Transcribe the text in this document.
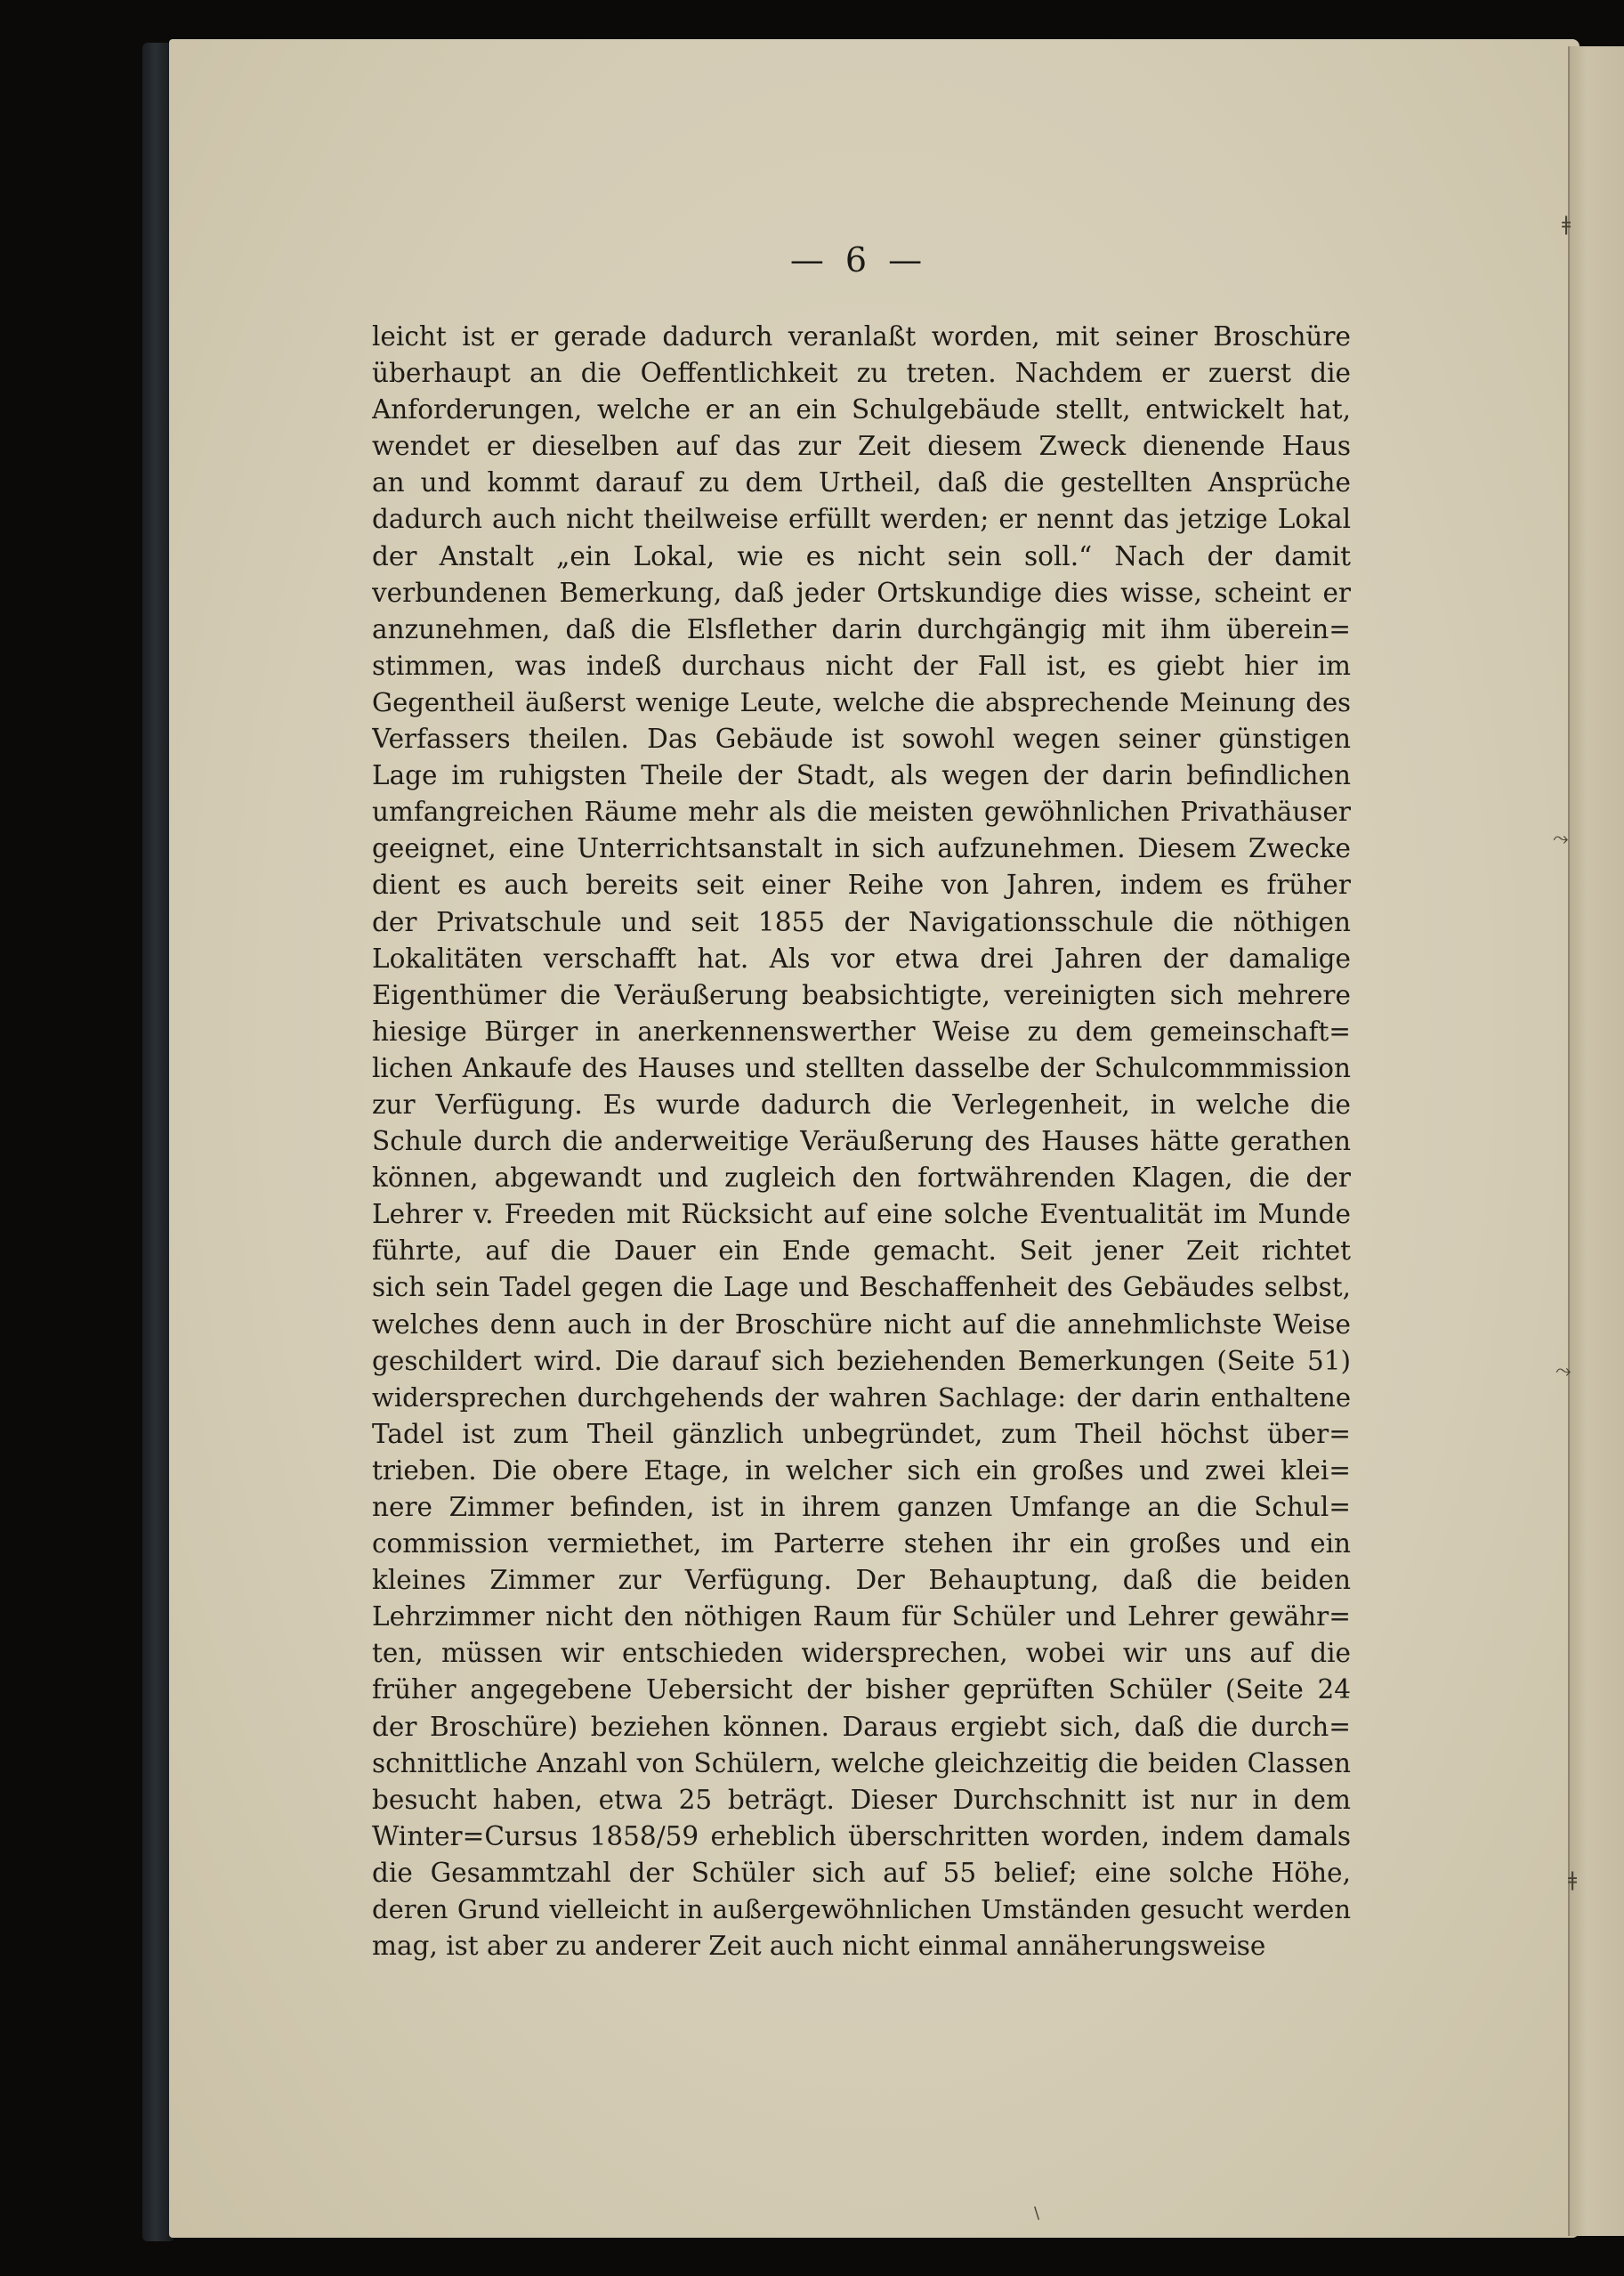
— 6 —
leicht ist er gerade dadurch veranlaßt worden, mit seiner Broschüre
überhaupt an die Oeffentlichkeit zu treten. Nachdem er zuerst die
Anforderungen, welche er an ein Schulgebäude stellt, entwickelt hat,
wendet er dieselben auf das zur Zeit diesem Zweck dienende Haus
an und kommt darauf zu dem Urtheil, daß die gestellten Ansprüche
dadurch auch nicht theilweise erfüllt werden; er nennt das jetzige Lokal
der Anstalt „ein Lokal, wie es nicht sein soll.“ Nach der damit
verbundenen Bemerkung, daß jeder Ortskundige dies wisse, scheint er
anzunehmen, daß die Elsflether darin durchgängig mit ihm überein=
stimmen, was indeß durchaus nicht der Fall ist, es giebt hier im
Gegentheil äußerst wenige Leute, welche die absprechende Meinung des
Verfassers theilen. Das Gebäude ist sowohl wegen seiner günstigen
Lage im ruhigsten Theile der Stadt, als wegen der darin befindlichen
umfangreichen Räume mehr als die meisten gewöhnlichen Privathäuser
geeignet, eine Unterrichtsanstalt in sich aufzunehmen. Diesem Zwecke
dient es auch bereits seit einer Reihe von Jahren, indem es früher
der Privatschule und seit 1855 der Navigationsschule die nöthigen
Lokalitäten verschafft hat. Als vor etwa drei Jahren der damalige
Eigenthümer die Veräußerung beabsichtigte, vereinigten sich mehrere
hiesige Bürger in anerkennenswerther Weise zu dem gemeinschaft=
lichen Ankaufe des Hauses und stellten dasselbe der Schulcommmission
zur Verfügung. Es wurde dadurch die Verlegenheit, in welche die
Schule durch die anderweitige Veräußerung des Hauses hätte gerathen
können, abgewandt und zugleich den fortwährenden Klagen, die der
Lehrer v. Freeden mit Rücksicht auf eine solche Eventualität im Munde
führte, auf die Dauer ein Ende gemacht. Seit jener Zeit richtet
sich sein Tadel gegen die Lage und Beschaffenheit des Gebäudes selbst,
welches denn auch in der Broschüre nicht auf die annehmlichste Weise
geschildert wird. Die darauf sich beziehenden Bemerkungen (Seite 51)
widersprechen durchgehends der wahren Sachlage: der darin enthaltene
Tadel ist zum Theil gänzlich unbegründet, zum Theil höchst über=
trieben. Die obere Etage, in welcher sich ein großes und zwei klei=
nere Zimmer befinden, ist in ihrem ganzen Umfange an die Schul=
commission vermiethet, im Parterre stehen ihr ein großes und ein
kleines Zimmer zur Verfügung. Der Behauptung, daß die beiden
Lehrzimmer nicht den nöthigen Raum für Schüler und Lehrer gewähr=
ten, müssen wir entschieden widersprechen, wobei wir uns auf die
früher angegebene Uebersicht der bisher geprüften Schüler (Seite 24
der Broschüre) beziehen können. Daraus ergiebt sich, daß die durch=
schnittliche Anzahl von Schülern, welche gleichzeitig die beiden Classen
besucht haben, etwa 25 beträgt. Dieser Durchschnitt ist nur in dem
Winter=Cursus 1858/59 erheblich überschritten worden, indem damals
die Gesammtzahl der Schüler sich auf 55 belief; eine solche Höhe,
deren Grund vielleicht in außergewöhnlichen Umständen gesucht werden
mag, ist aber zu anderer Zeit auch nicht einmal annäherungsweise
ǂ
⤳
⤳
ǂ
\
